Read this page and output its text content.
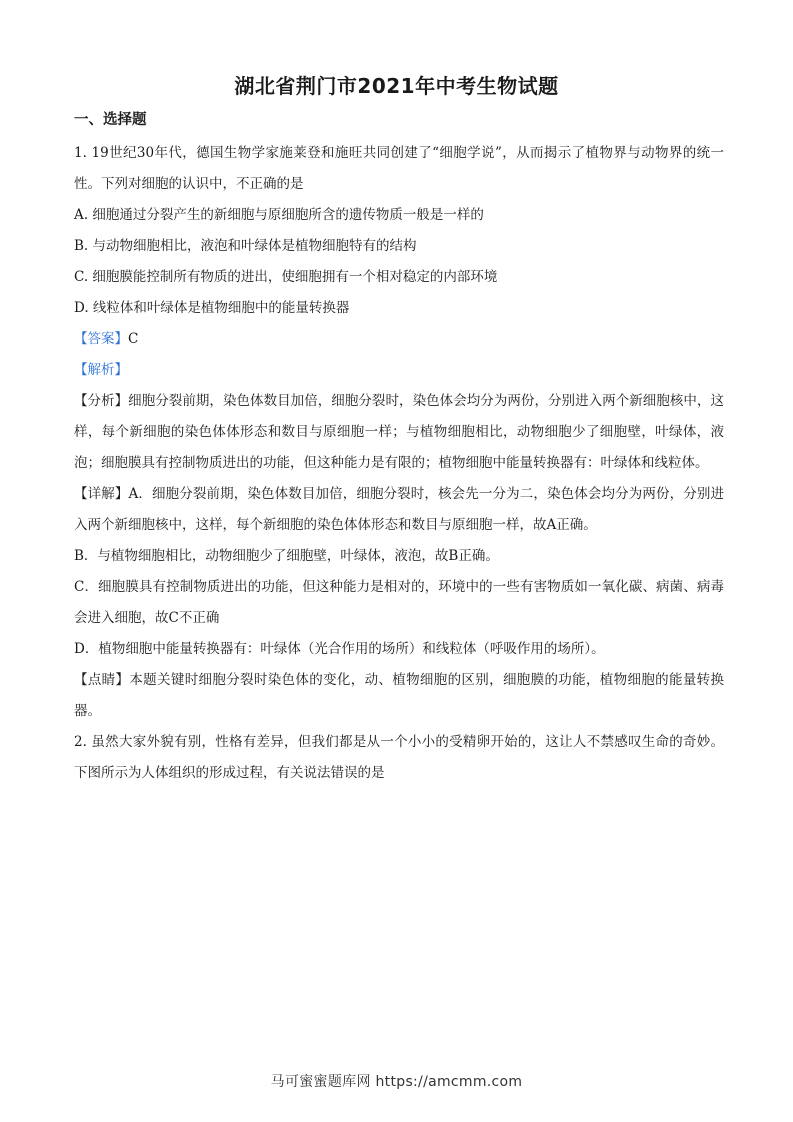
湖北省荆门市2021年中考生物试题
一、选择题

1. 19世纪30年代，德国生物学家施莱登和施旺共同创建了“细胞学说”，从而揭示了植物界与动物界的统一性。下列对细胞的认识中，不正确的是

A. 细胞通过分裂产生的新细胞与原细胞所含的遗传物质一般是一样的

B. 与动物细胞相比，液泡和叶绿体是植物细胞特有的结构

C. 细胞膜能控制所有物质的进出，使细胞拥有一个相对稳定的内部环境

D. 线粒体和叶绿体是植物细胞中的能量转换器

【答案】C

【解析】

【分析】细胞分裂前期，染色体数目加倍，细胞分裂时，染色体会均分为两份，分别进入两个新细胞核中，这样，每个新细胞的染色体体形态和数目与原细胞一样；与植物细胞相比，动物细胞少了细胞壁，叶绿体，液泡；细胞膜具有控制物质进出的功能，但这种能力是有限的；植物细胞中能量转换器有：叶绿体和线粒体。

【详解】A．细胞分裂前期，染色体数目加倍，细胞分裂时，核会先一分为二，染色体会均分为两份，分别进入两个新细胞核中，这样，每个新细胞的染色体体形态和数目与原细胞一样，故A正确。

B．与植物细胞相比，动物细胞少了细胞壁，叶绿体，液泡，故B正确。

C．细胞膜具有控制物质进出的功能，但这种能力是相对的，环境中的一些有害物质如一氧化碳、病菌、病毒会进入细胞，故C不正确

D．植物细胞中能量转换器有：叶绿体（光合作用的场所）和线粒体（呼吸作用的场所）。

【点睛】本题关键时细胞分裂时染色体的变化，动、植物细胞的区别，细胞膜的功能，植物细胞的能量转换器。

2. 虽然大家外貌有别，性格有差异，但我们都是从一个小小的受精卵开始的，这让人不禁感叹生命的奇妙。下图所示为人体组织的形成过程，有关说法错误的是

马可蜜蜜题库网 https://amcmm.com
